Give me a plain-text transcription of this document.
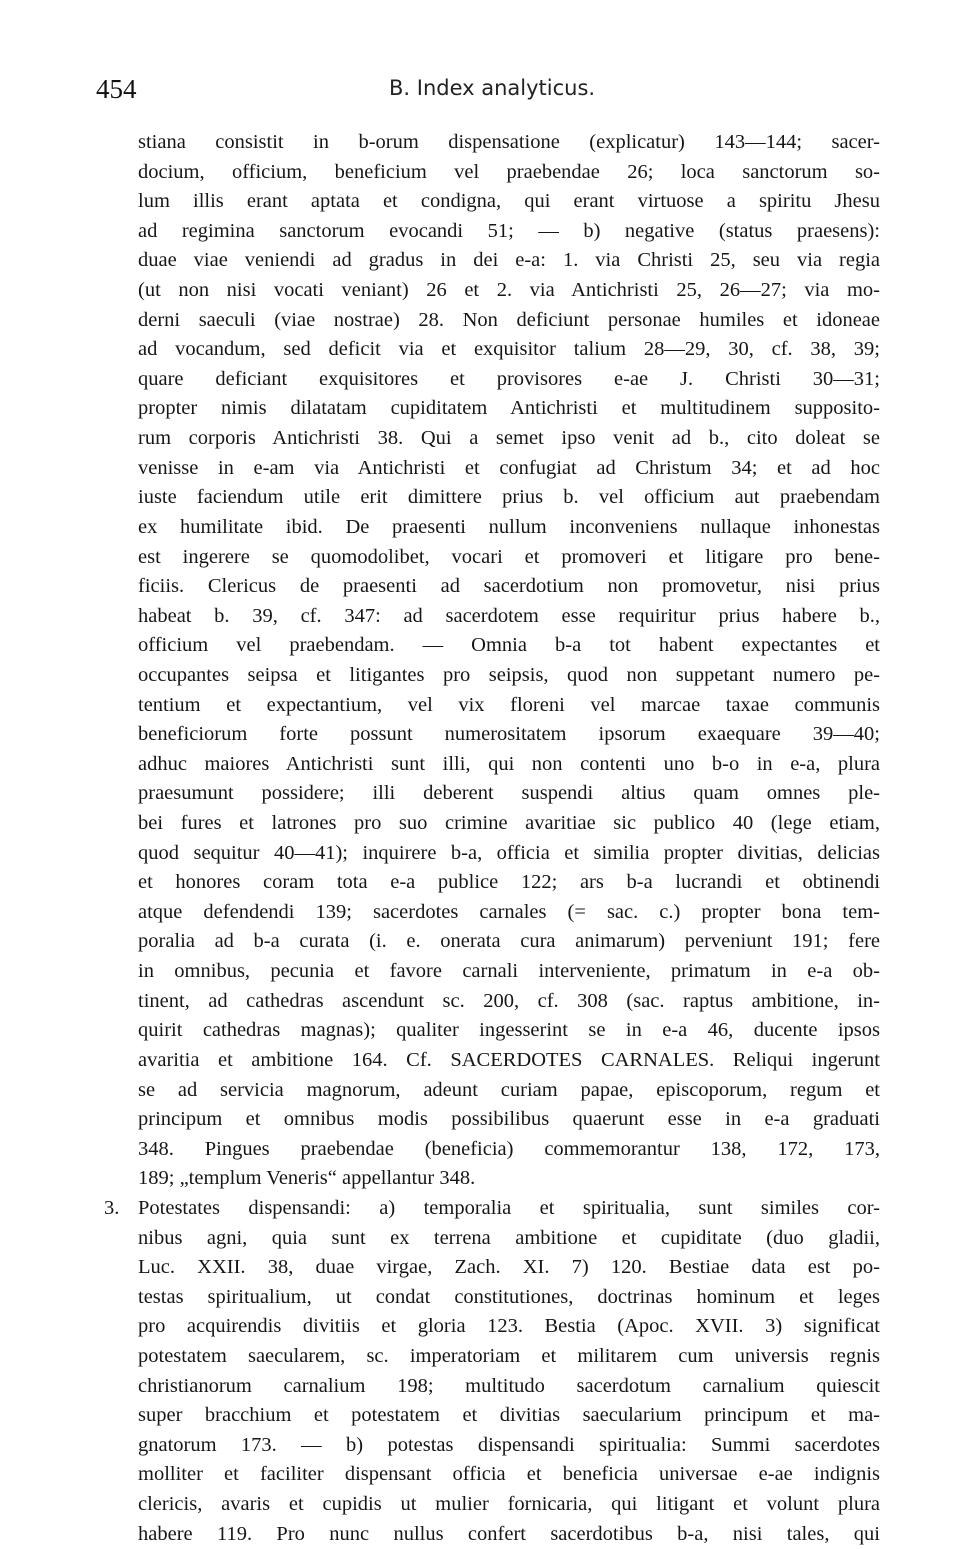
454	B. Index analyticus.
stiana consistit in b-orum dispensatione (explicatur) 143—144; sacer-
docium, officium, beneficium vel praebendae 26; loca sanctorum so-
lum illis erant aptata et condigna, qui erant virtuose a spiritu Jhesu
ad regimina sanctorum evocandi 51; — b) negative (status praesens):
duae viae veniendi ad gradus in dei e-a: 1. via Christi 25, seu via regia
(ut non nisi vocati veniant) 26 et 2. via Antichristi 25, 26—27; via mo-
derni saeculi (viae nostrae) 28. Non deficiunt personae humiles et idoneae
ad vocandum, sed deficit via et exquisitor talium 28—29, 30, cf. 38, 39;
quare deficiant exquisitores et provisores e-ae J. Christi 30—31;
propter nimis dilatatam cupiditatem Antichristi et multitudinem supposito-
rum corporis Antichristi 38. Qui a semet ipso venit ad b., cito doleat se
venisse in e-am via Antichristi et confugiat ad Christum 34; et ad hoc
iuste faciendum utile erit dimittere prius b. vel officium aut praebendam
ex humilitate ibid. De praesenti nullum inconveniens nullaque inhonestas
est ingerere se quomodolibet, vocari et promoveri et litigare pro bene-
ficiis. Clericus de praesenti ad sacerdotium non promovetur, nisi prius
habeat b. 39, cf. 347: ad sacerdotem esse requiritur prius habere b.,
officium vel praebendam. — Omnia b-a tot habent expectantes et
occupantes seipsa et litigantes pro seipsis, quod non suppetant numero pe-
tentium et expectantium, vel vix floreni vel marcae taxae communis
beneficiorum forte possunt numerositatem ipsorum exaequare 39—40;
adhuc maiores Antichristi sunt illi, qui non contenti uno b-o in e-a, plura
praesumunt possidere; illi deberent suspendi altius quam omnes ple-
bei fures et latrones pro suo crimine avaritiae sic publico 40 (lege etiam,
quod sequitur 40—41); inquirere b-a, officia et similia propter divitias, delicias
et honores coram tota e-a publice 122; ars b-a lucrandi et obtinendi
atque defendendi 139; sacerdotes carnales (= sac. c.) propter bona tem-
poralia ad b-a curata (i. e. onerata cura animarum) perveniunt 191; fere
in omnibus, pecunia et favore carnali interveniente, primatum in e-a ob-
tinent, ad cathedras ascendunt sc. 200, cf. 308 (sac. raptus ambitione, in-
quirit cathedras magnas); qualiter ingesserint se in e-a 46, ducente ipsos
avaritia et ambitione 164. Cf. SACERDOTES CARNALES. Reliqui ingerunt
se ad servicia magnorum, adeunt curiam papae, episcoporum, regum et
principum et omnibus modis possibilibus quaerunt esse in e-a graduati
348. Pingues praebendae (beneficia) commemorantur 138, 172, 173,
189; „templum Veneris“ appellantur 348.
3. Potestates dispensandi: a) temporalia et spiritualia, sunt similes cor-
nibus agni, quia sunt ex terrena ambitione et cupiditate (duo gladii,
Luc. XXII. 38, duae virgae, Zach. XI. 7) 120. Bestiae data est po-
testas spiritualium, ut condat constitutiones, doctrinas hominum et leges
pro acquirendis divitiis et gloria 123. Bestia (Apoc. XVII. 3) significat
potestatem saecularem, sc. imperatoriam et militarem cum universis regnis
christianorum carnalium 198; multitudo sacerdotum carnalium quiescit
super bracchium et potestatem et divitias saecularium principum et ma-
gnatorum 173. — b) potestas dispensandi spiritualia: Summi sacerdotes
molliter et faciliter dispensant officia et beneficia universae e-ae indignis
clericis, avaris et cupidis ut mulier fornicaria, qui litigant et volunt plura
habere 119. Pro nunc nullus confert sacerdotibus b-a, nisi tales, qui
